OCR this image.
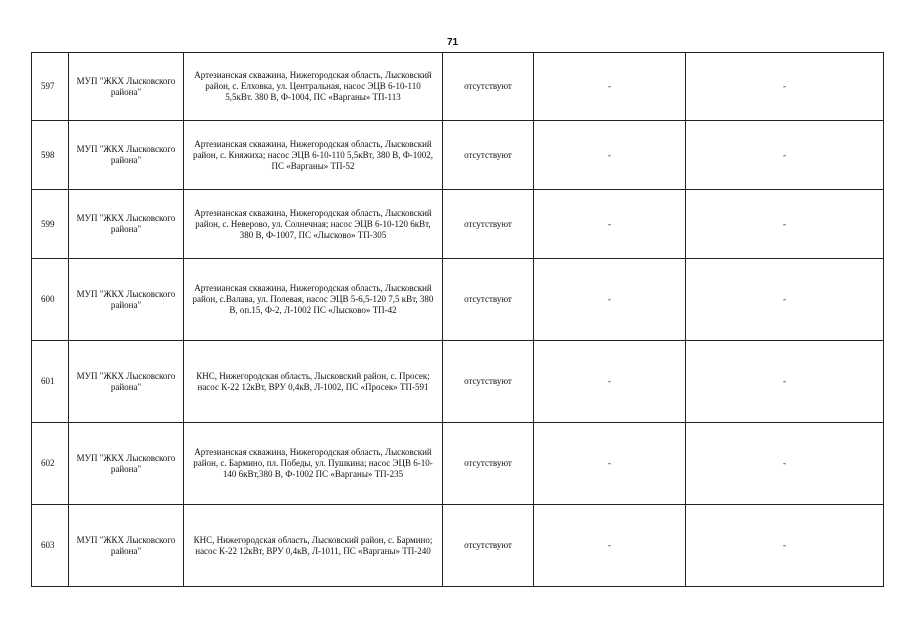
71
597	МУП "ЖКХ Лысковского района"	Артезианская скважина, Нижегородская область, Лысковский район, с. Елховка, ул. Центральная, насос ЭЦВ 6-10-110 5,5кВт. 380 В, Ф-1004, ПС «Варганы» ТП-113	отсутствуют	-	-
598	МУП "ЖКХ Лысковского района"	Артезианская скважина, Нижегородская область, Лысковский район, с. Княжиха; насос ЭЦВ 6-10-110 5,5кВт, 380 В, Ф-1002, ПС «Варганы» ТП-52	отсутствуют	-	-
599	МУП "ЖКХ Лысковского района"	Артезианская скважина, Нижегородская область, Лысковский район, с. Неверово, ул. Солнечная; насос ЭЦВ 6-10-120 6кВт, 380 В, Ф-1007, ПС «Лысково» ТП-305	отсутствуют	-	-
600	МУП "ЖКХ Лысковского района"	Артезианская скважина, Нижегородская область, Лысковский район, с.Валава, ул. Полевая, насос ЭЦВ 5-6,5-120 7,5 кВт, 380 В, оп.15, Ф-2, Л-1002 ПС «Лысково» ТП-42	отсутствуют	-	-
601	МУП "ЖКХ Лысковского района"	КНС, Нижегородская область, Лысковский район, с. Просек; насос К-22 12кВт, ВРУ 0,4кВ, Л-1002, ПС «Просек» ТП-591	отсутствуют	-	-
602	МУП "ЖКХ Лысковского района"	Артезианская скважина, Нижегородская область, Лысковский район, с. Бармино, пл. Победы, ул. Пушкина; насос ЭЦВ 6-10-140 6кВт,380 В, Ф-1002 ПС «Варганы» ТП-235	отсутствуют	-	-
603	МУП "ЖКХ Лысковского района"	КНС, Нижегородская область, Лысковский район, с. Бармино; насос К-22 12кВт, ВРУ 0,4кВ, Л-1011, ПС «Варганы» ТП-240	отсутствуют	-	-
